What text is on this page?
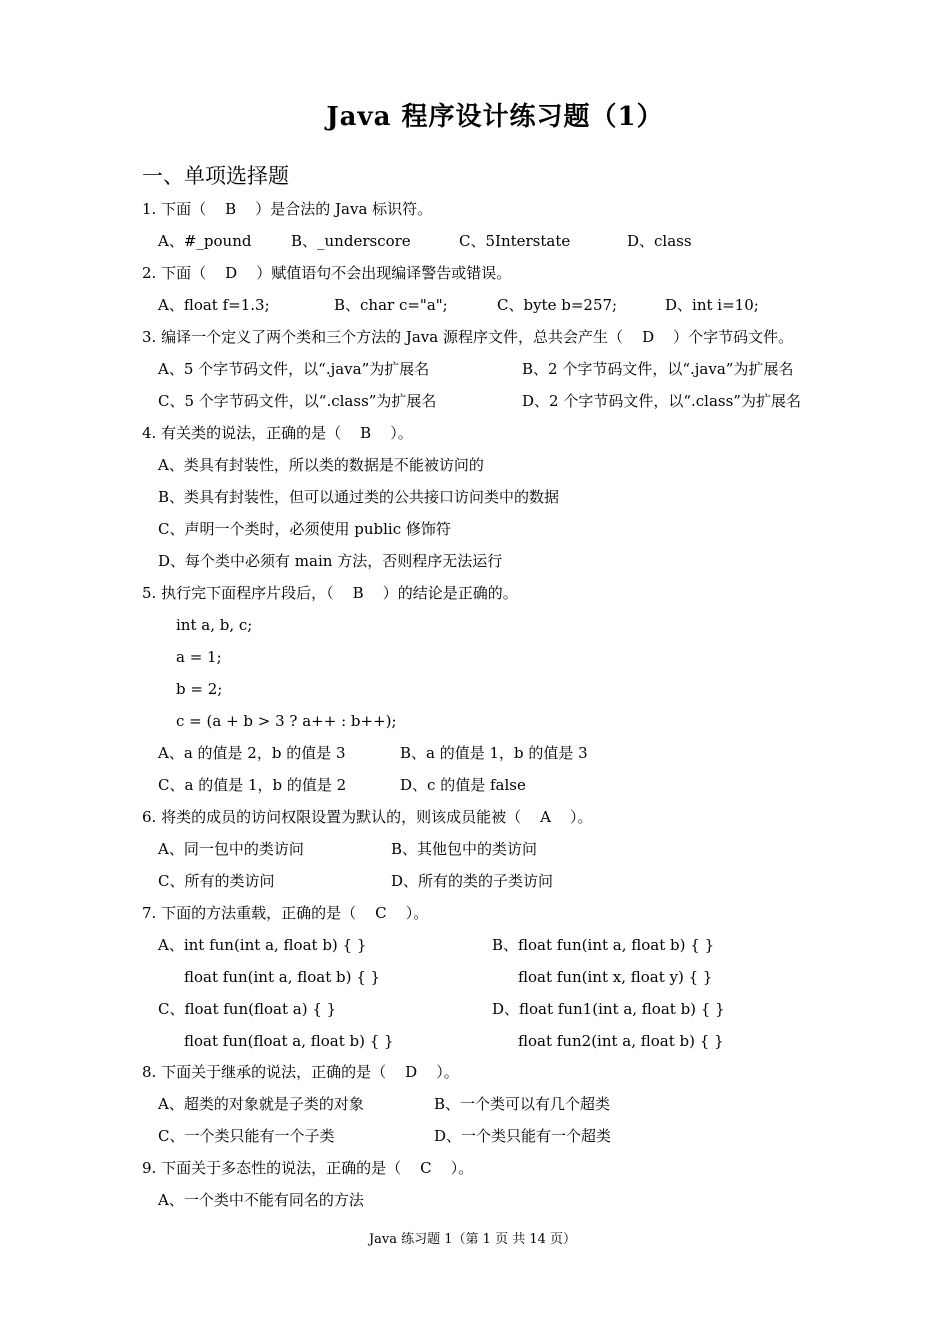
Java 程序设计练习题（1）
一、单项选择题
1. 下面（    B    ）是合法的 Java 标识符。
A、#_pound	B、_underscore	C、5Interstate	D、class
2. 下面（    D    ）赋值语句不会出现编译警告或错误。
A、float f=1.3;	B、char c="a";	C、byte b=257;	D、int i=10;
3. 编译一个定义了两个类和三个方法的 Java 源程序文件，总共会产生（    D    ）个字节码文件。
A、5 个字节码文件，以“.java”为扩展名	B、2 个字节码文件，以“.java”为扩展名
C、5 个字节码文件，以“.class”为扩展名	D、2 个字节码文件，以“.class”为扩展名
4. 有关类的说法，正确的是（    B    ）。
A、类具有封装性，所以类的数据是不能被访问的
B、类具有封装性，但可以通过类的公共接口访问类中的数据
C、声明一个类时，必须使用 public 修饰符
D、每个类中必须有 main 方法，否则程序无法运行
5. 执行完下面程序片段后，（    B    ）的结论是正确的。
int a, b, c;
a = 1;
b = 2;
c = (a + b > 3 ? a++ : b++);
A、a 的值是 2，b 的值是 3	B、a 的值是 1，b 的值是 3
C、a 的值是 1，b 的值是 2	D、c 的值是 false
6. 将类的成员的访问权限设置为默认的，则该成员能被（    A    ）。
A、同一包中的类访问	B、其他包中的类访问
C、所有的类访问	D、所有的类的子类访问
7. 下面的方法重载，正确的是（    C    ）。
A、int fun(int a, float b) { }	B、float fun(int a, float b) { }
float fun(int a, float b) { }	float fun(int x, float y) { }
C、float fun(float a) { }	D、float fun1(int a, float b) { }
float fun(float a, float b) { }	float fun2(int a, float b) { }
8. 下面关于继承的说法，正确的是（    D    ）。
A、超类的对象就是子类的对象	B、一个类可以有几个超类
C、一个类只能有一个子类	D、一个类只能有一个超类
9. 下面关于多态性的说法，正确的是（    C    ）。
A、一个类中不能有同名的方法
Java 练习题 1（第 1 页 共 14 页）
